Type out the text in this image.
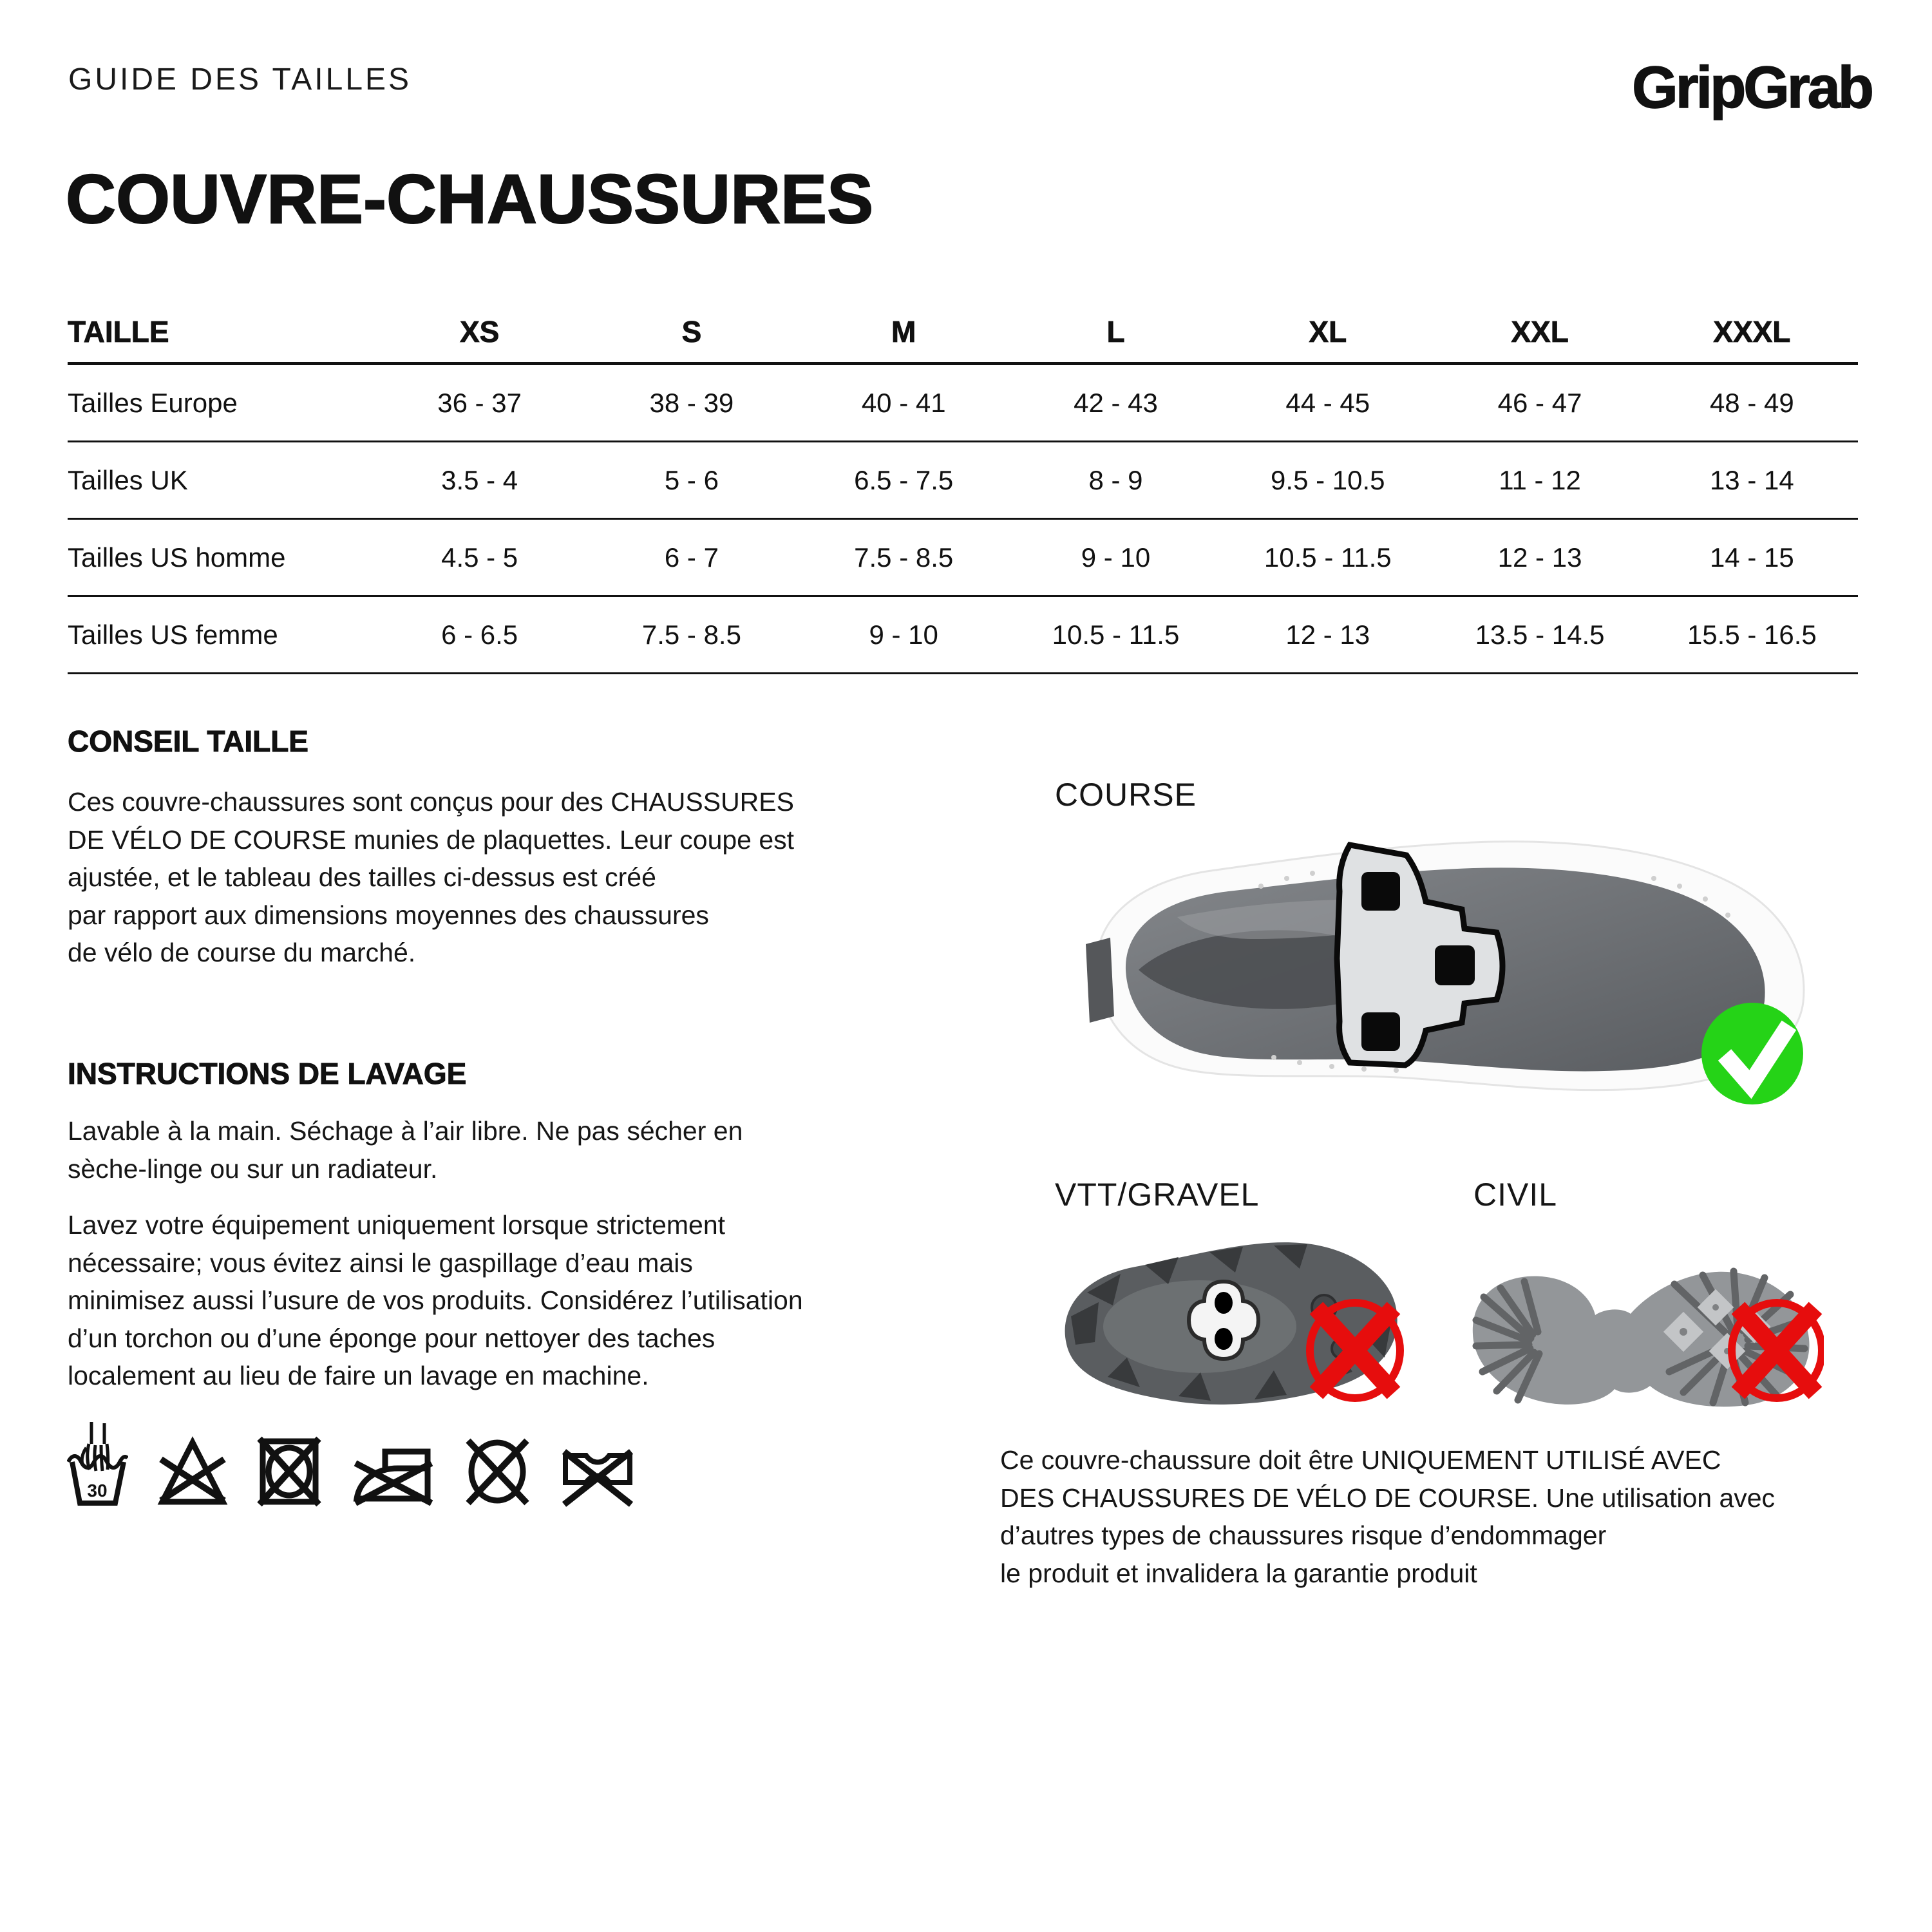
GUIDE DES TAILLES	GripGrab
COUVRE-CHAUSSURES
TAILLE	XS	S	M	L	XL	XXL	XXXL
Tailles Europe	36 - 37	38 - 39	40 - 41	42 - 43	44 - 45	46 - 47	48 - 49
Tailles UK	3.5 - 4	5 - 6	6.5 - 7.5	8 - 9	9.5 - 10.5	11 - 12	13 - 14
Tailles US homme	4.5 - 5	6 - 7	7.5 - 8.5	9 - 10	10.5 - 11.5	12 - 13	14 - 15
Tailles US femme	6 - 6.5	7.5 - 8.5	9 - 10	10.5 - 11.5	12 - 13	13.5 - 14.5	15.5 - 16.5
CONSEIL TAILLE
Ces couvre-chaussures sont conçus pour des CHAUSSURES
DE VÉLO DE COURSE munies de plaquettes. Leur coupe est
ajustée, et le tableau des tailles ci-dessus est créé
par rapport aux dimensions moyennes des chaussures
de vélo de course du marché.
INSTRUCTIONS DE LAVAGE
Lavable à la main. Séchage à l’air libre. Ne pas sécher en
sèche-linge ou sur un radiateur.
Lavez votre équipement uniquement lorsque strictement
nécessaire; vous évitez ainsi le gaspillage d’eau mais
minimisez aussi l’usure de vos produits. Considérez l’utilisation
d’un torchon ou d’une éponge pour nettoyer des taches
localement au lieu de faire un lavage en machine.
30
COURSE
VTT/GRAVEL	CIVIL
Ce couvre-chaussure doit être UNIQUEMENT UTILISÉ AVEC
DES CHAUSSURES DE VÉLO DE COURSE. Une utilisation avec
d’autres types de chaussures risque d’endommager
le produit et invalidera la garantie produit
